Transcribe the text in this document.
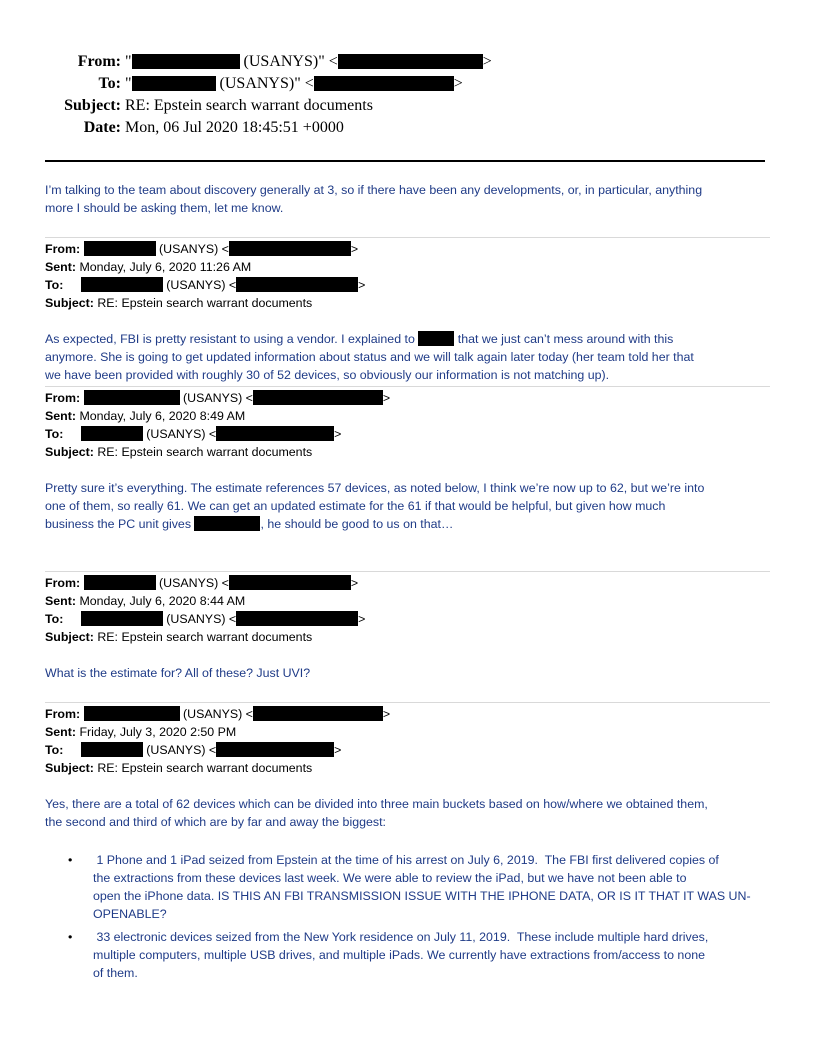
From: "	(USANYS)" <	>
To: "	(USANYS)" <	>
Subject: RE: Epstein search warrant documents
Date: Mon, 06 Jul 2020 18:45:51 +0000
I’m talking to the team about discovery generally at 3, so if there have been any developments, or, in particular, anything
more I should be asking them, let me know.
From:	(USANYS) <	>
Sent: Monday, July 6, 2020 11:26 AM
To:	(USANYS) <	>
Subject: RE: Epstein search warrant documents
As expected, FBI is pretty resistant to using a vendor. I explained to	that we just can’t mess around with this
anymore. She is going to get updated information about status and we will talk again later today (her team told her that
we have been provided with roughly 30 of 52 devices, so obviously our information is not matching up).
From:	(USANYS) <	>
Sent: Monday, July 6, 2020 8:49 AM
To:	(USANYS) <	>
Subject: RE: Epstein search warrant documents
Pretty sure it’s everything. The estimate references 57 devices, as noted below, I think we’re now up to 62, but we’re into
one of them, so really 61. We can get an updated estimate for the 61 if that would be helpful, but given how much
business the PC unit gives	, he should be good to us on that…
From:	(USANYS) <	>
Sent: Monday, July 6, 2020 8:44 AM
To:	(USANYS) <	>
Subject: RE: Epstein search warrant documents
What is the estimate for? All of these? Just UVI?
From:	(USANYS) <	>
Sent: Friday, July 3, 2020 2:50 PM
To:	(USANYS) <	>
Subject: RE: Epstein search warrant documents
Yes, there are a total of 62 devices which can be divided into three main buckets based on how/where we obtained them,
the second and third of which are by far and away the biggest:
• 1 Phone and 1 iPad seized from Epstein at the time of his arrest on July 6, 2019.  The FBI first delivered copies of
the extractions from these devices last week. We were able to review the iPad, but we have not been able to
open the iPhone data. IS THIS AN FBI TRANSMISSION ISSUE WITH THE IPHONE DATA, OR IS IT THAT IT WAS UN-
OPENABLE?
• 33 electronic devices seized from the New York residence on July 11, 2019.  These include multiple hard drives,
multiple computers, multiple USB drives, and multiple iPads. We currently have extractions from/access to none
of them.
